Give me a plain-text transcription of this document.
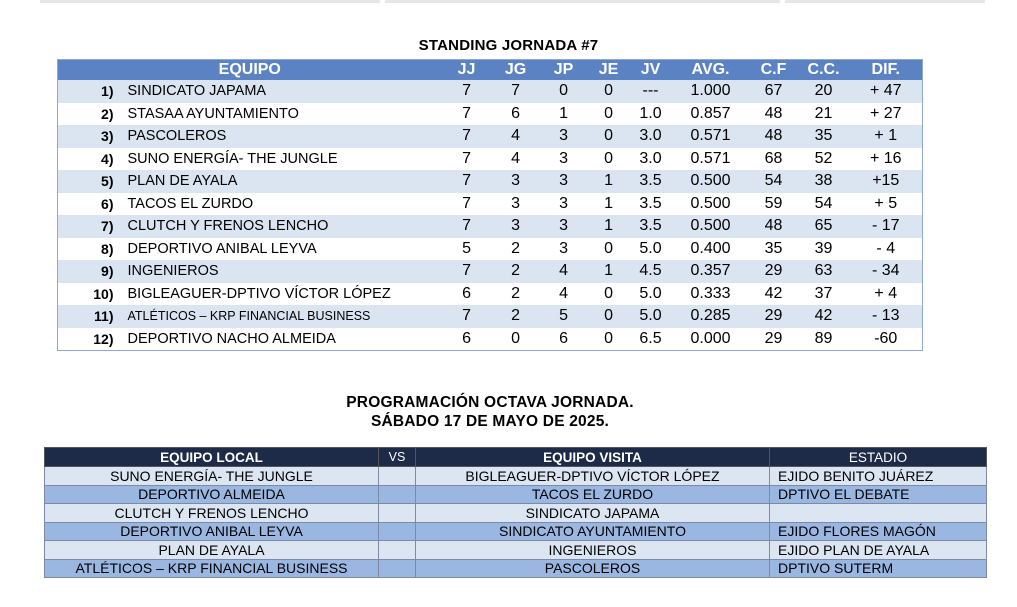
STANDING JORNADA #7
EQUIPO		JJ	JG	JP	JE	JV	AVG.	C.F	C.C.	DIF.
1)	SINDICATO JAPAMA	7	7	0	0	---	1.000	67	20	+ 47
2)	STASAA AYUNTAMIENTO	7	6	1	0	1.0	0.857	48	21	+ 27
3)	PASCOLEROS	7	4	3	0	3.0	0.571	48	35	+ 1
4)	SUNO ENERGÍA- THE JUNGLE	7	4	3	0	3.0	0.571	68	52	+ 16
5)	PLAN DE AYALA	7	3	3	1	3.5	0.500	54	38	+15
6)	TACOS EL ZURDO	7	3	3	1	3.5	0.500	59	54	+ 5
7)	CLUTCH Y FRENOS LENCHO	7	3	3	1	3.5	0.500	48	65	- 17
8)	DEPORTIVO ANIBAL LEYVA	5	2	3	0	5.0	0.400	35	39	- 4
9)	INGENIEROS	7	2	4	1	4.5	0.357	29	63	- 34
10)	BIGLEAGUER-DPTIVO VÍCTOR LÓPEZ	6	2	4	0	5.0	0.333	42	37	+ 4
11)	ATLÉTICOS – KRP FINANCIAL BUSINESS	7	2	5	0	5.0	0.285	29	42	- 13
12)	DEPORTIVO NACHO ALMEIDA	6	0	6	0	6.5	0.000	29	89	-60
PROGRAMACIÓN OCTAVA JORNADA.
SÁBADO 17 DE MAYO DE 2025.
EQUIPO LOCAL	VS	EQUIPO VISITA	ESTADIO
SUNO ENERGÍA- THE JUNGLE		BIGLEAGUER-DPTIVO VÍCTOR LÓPEZ	EJIDO BENITO JUÁREZ
DEPORTIVO ALMEIDA		TACOS EL ZURDO	DPTIVO EL DEBATE
CLUTCH Y FRENOS LENCHO		SINDICATO JAPAMA	
DEPORTIVO ANIBAL LEYVA		SINDICATO AYUNTAMIENTO	EJIDO FLORES MAGÓN
PLAN DE AYALA		INGENIEROS	EJIDO PLAN DE AYALA
ATLÉTICOS – KRP FINANCIAL BUSINESS		PASCOLEROS	DPTIVO SUTERM
